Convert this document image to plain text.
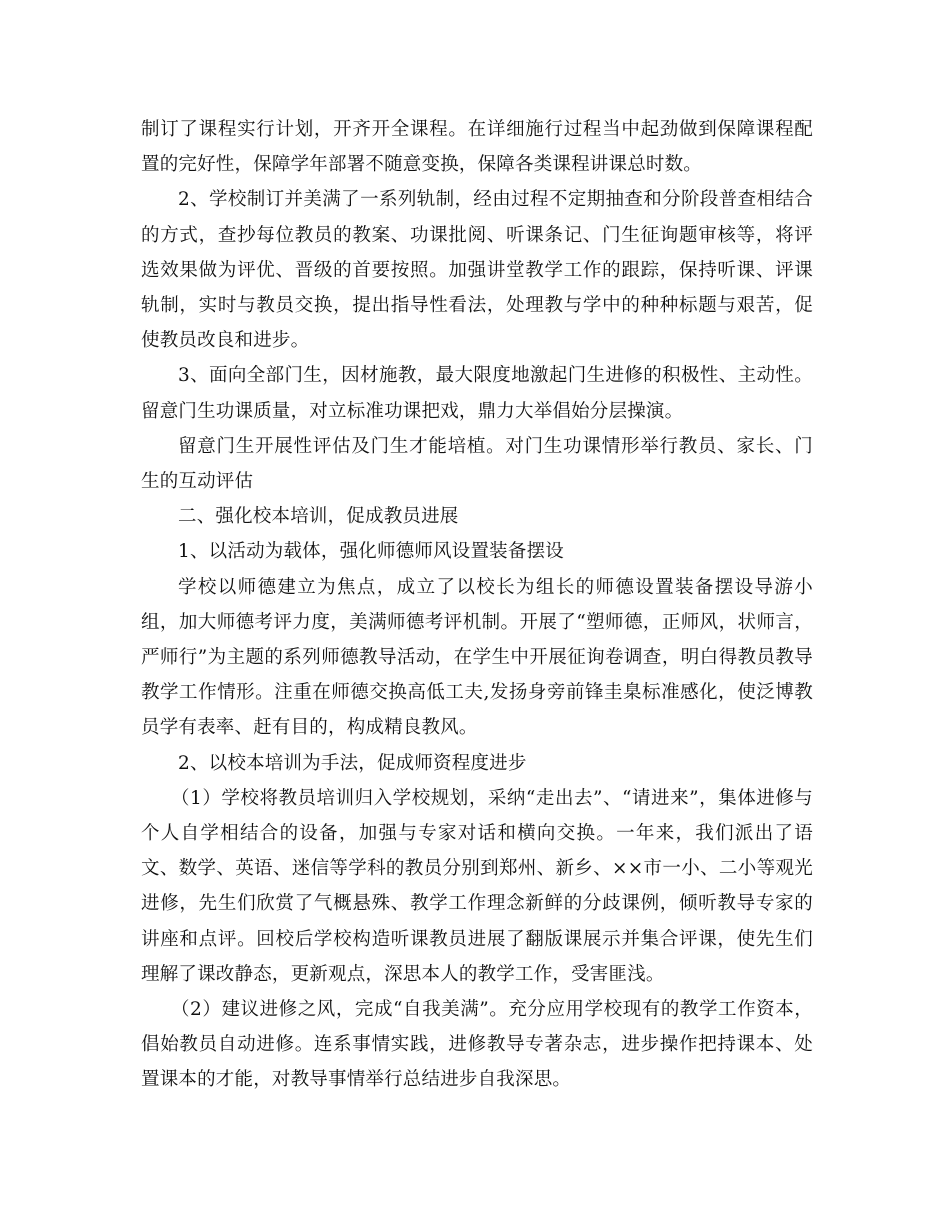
制订了课程实行计划，开齐开全课程。在详细施行过程当中起劲做到保障课程配置的完好性，保障学年部署不随意变换，保障各类课程讲课总时数。

2、学校制订并美满了一系列轨制，经由过程不定期抽查和分阶段普查相结合的方式，查抄每位教员的教案、功课批阅、听课条记、门生征询题审核等，将评选效果做为评优、晋级的首要按照。加强讲堂教学工作的跟踪，保持听课、评课轨制，实时与教员交换，提出指导性看法，处理教与学中的种种标题与艰苦，促使教员改良和进步。

3、面向全部门生，因材施教，最大限度地激起门生进修的积极性、主动性。留意门生功课质量，对立标准功课把戏，鼎力大举倡始分层操演。

留意门生开展性评估及门生才能培植。对门生功课情形举行教员、家长、门生的互动评估

二、强化校本培训，促成教员进展

1、以活动为载体，强化师德师风设置装备摆设

学校以师德建立为焦点，成立了以校长为组长的师德设置装备摆设导游小组，加大师德考评力度，美满师德考评机制。开展了“塑师德，正师风，状师言，严师行”为主题的系列师德教导活动，在学生中开展征询卷调查，明白得教员教导教学工作情形。注重在师德交换高低工夫,发扬身旁前锋圭臬标准感化，使泛博教员学有表率、赶有目的，构成精良教风。

2、以校本培训为手法，促成师资程度进步

（1）学校将教员培训归入学校规划，采纳“走出去”、“请进来”，集体进修与个人自学相结合的设备，加强与专家对话和横向交换。一年来，我们派出了语文、数学、英语、迷信等学科的教员分别到郑州、新乡、××市一小、二小等观光进修，先生们欣赏了气概悬殊、教学工作理念新鲜的分歧课例，倾听教导专家的讲座和点评。回校后学校构造听课教员进展了翻版课展示并集合评课，使先生们理解了课改静态，更新观点，深思本人的教学工作，受害匪浅。

（2）建议进修之风，完成“自我美满”。充分应用学校现有的教学工作资本，倡始教员自动进修。连系事情实践，进修教导专著杂志，进步操作把持课本、处置课本的才能，对教导事情举行总结进步自我深思。
